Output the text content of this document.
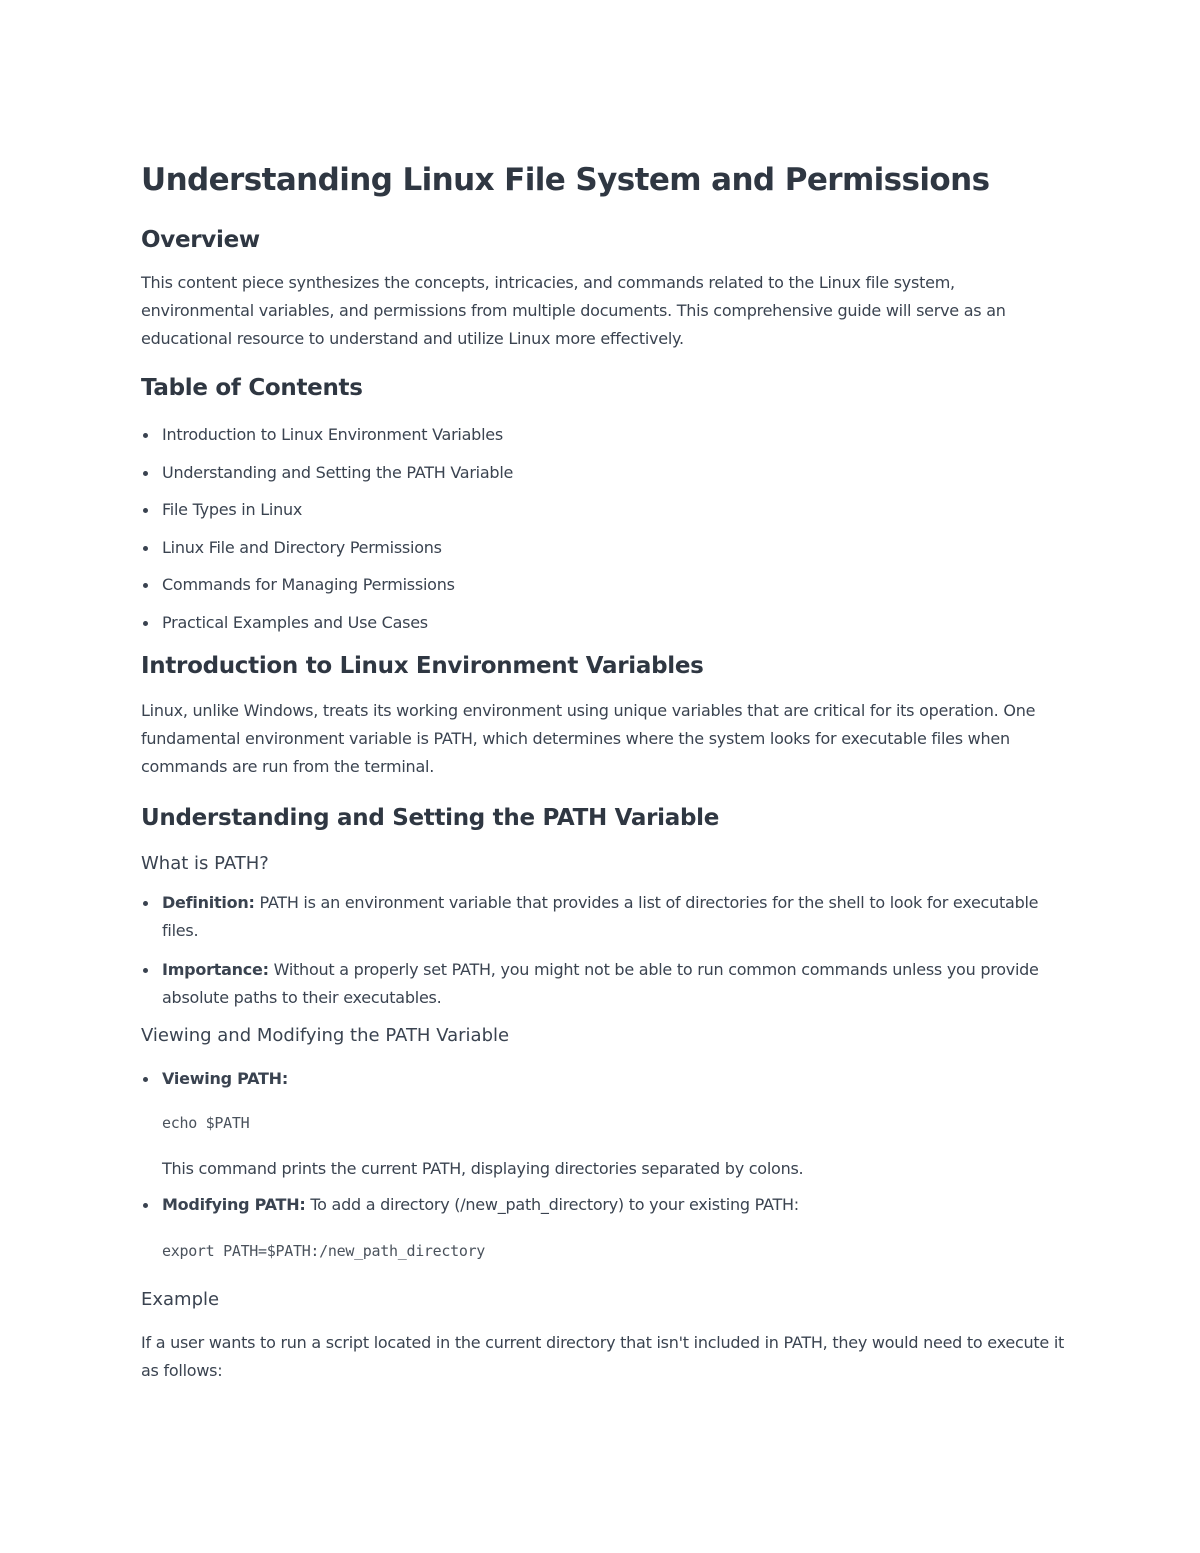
Understanding Linux File System and Permissions
Overview

This content piece synthesizes the concepts, intricacies, and commands related to the Linux file system, environmental variables, and permissions from multiple documents. This comprehensive guide will serve as an educational resource to understand and utilize Linux more effectively.

Table of Contents
Introduction to Linux Environment Variables
Understanding and Setting the PATH Variable
File Types in Linux
Linux File and Directory Permissions
Commands for Managing Permissions
Practical Examples and Use Cases
Introduction to Linux Environment Variables

Linux, unlike Windows, treats its working environment using unique variables that are critical for its operation. One fundamental environment variable is PATH, which determines where the system looks for executable files when commands are run from the terminal.

Understanding and Setting the PATH Variable
What is PATH?
Definition: PATH is an environment variable that provides a list of directories for the shell to look for executable files.
Importance: Without a properly set PATH, you might not be able to run common commands unless you provide absolute paths to their executables.
Viewing and Modifying the PATH Variable
Viewing PATH:
echo $PATH

This command prints the current PATH, displaying directories separated by colons.

Modifying PATH: To add a directory (/new_path_directory) to your existing PATH:
export PATH=$PATH:/new_path_directory
Example

If a user wants to run a script located in the current directory that isn't included in PATH, they would need to execute it as follows:
